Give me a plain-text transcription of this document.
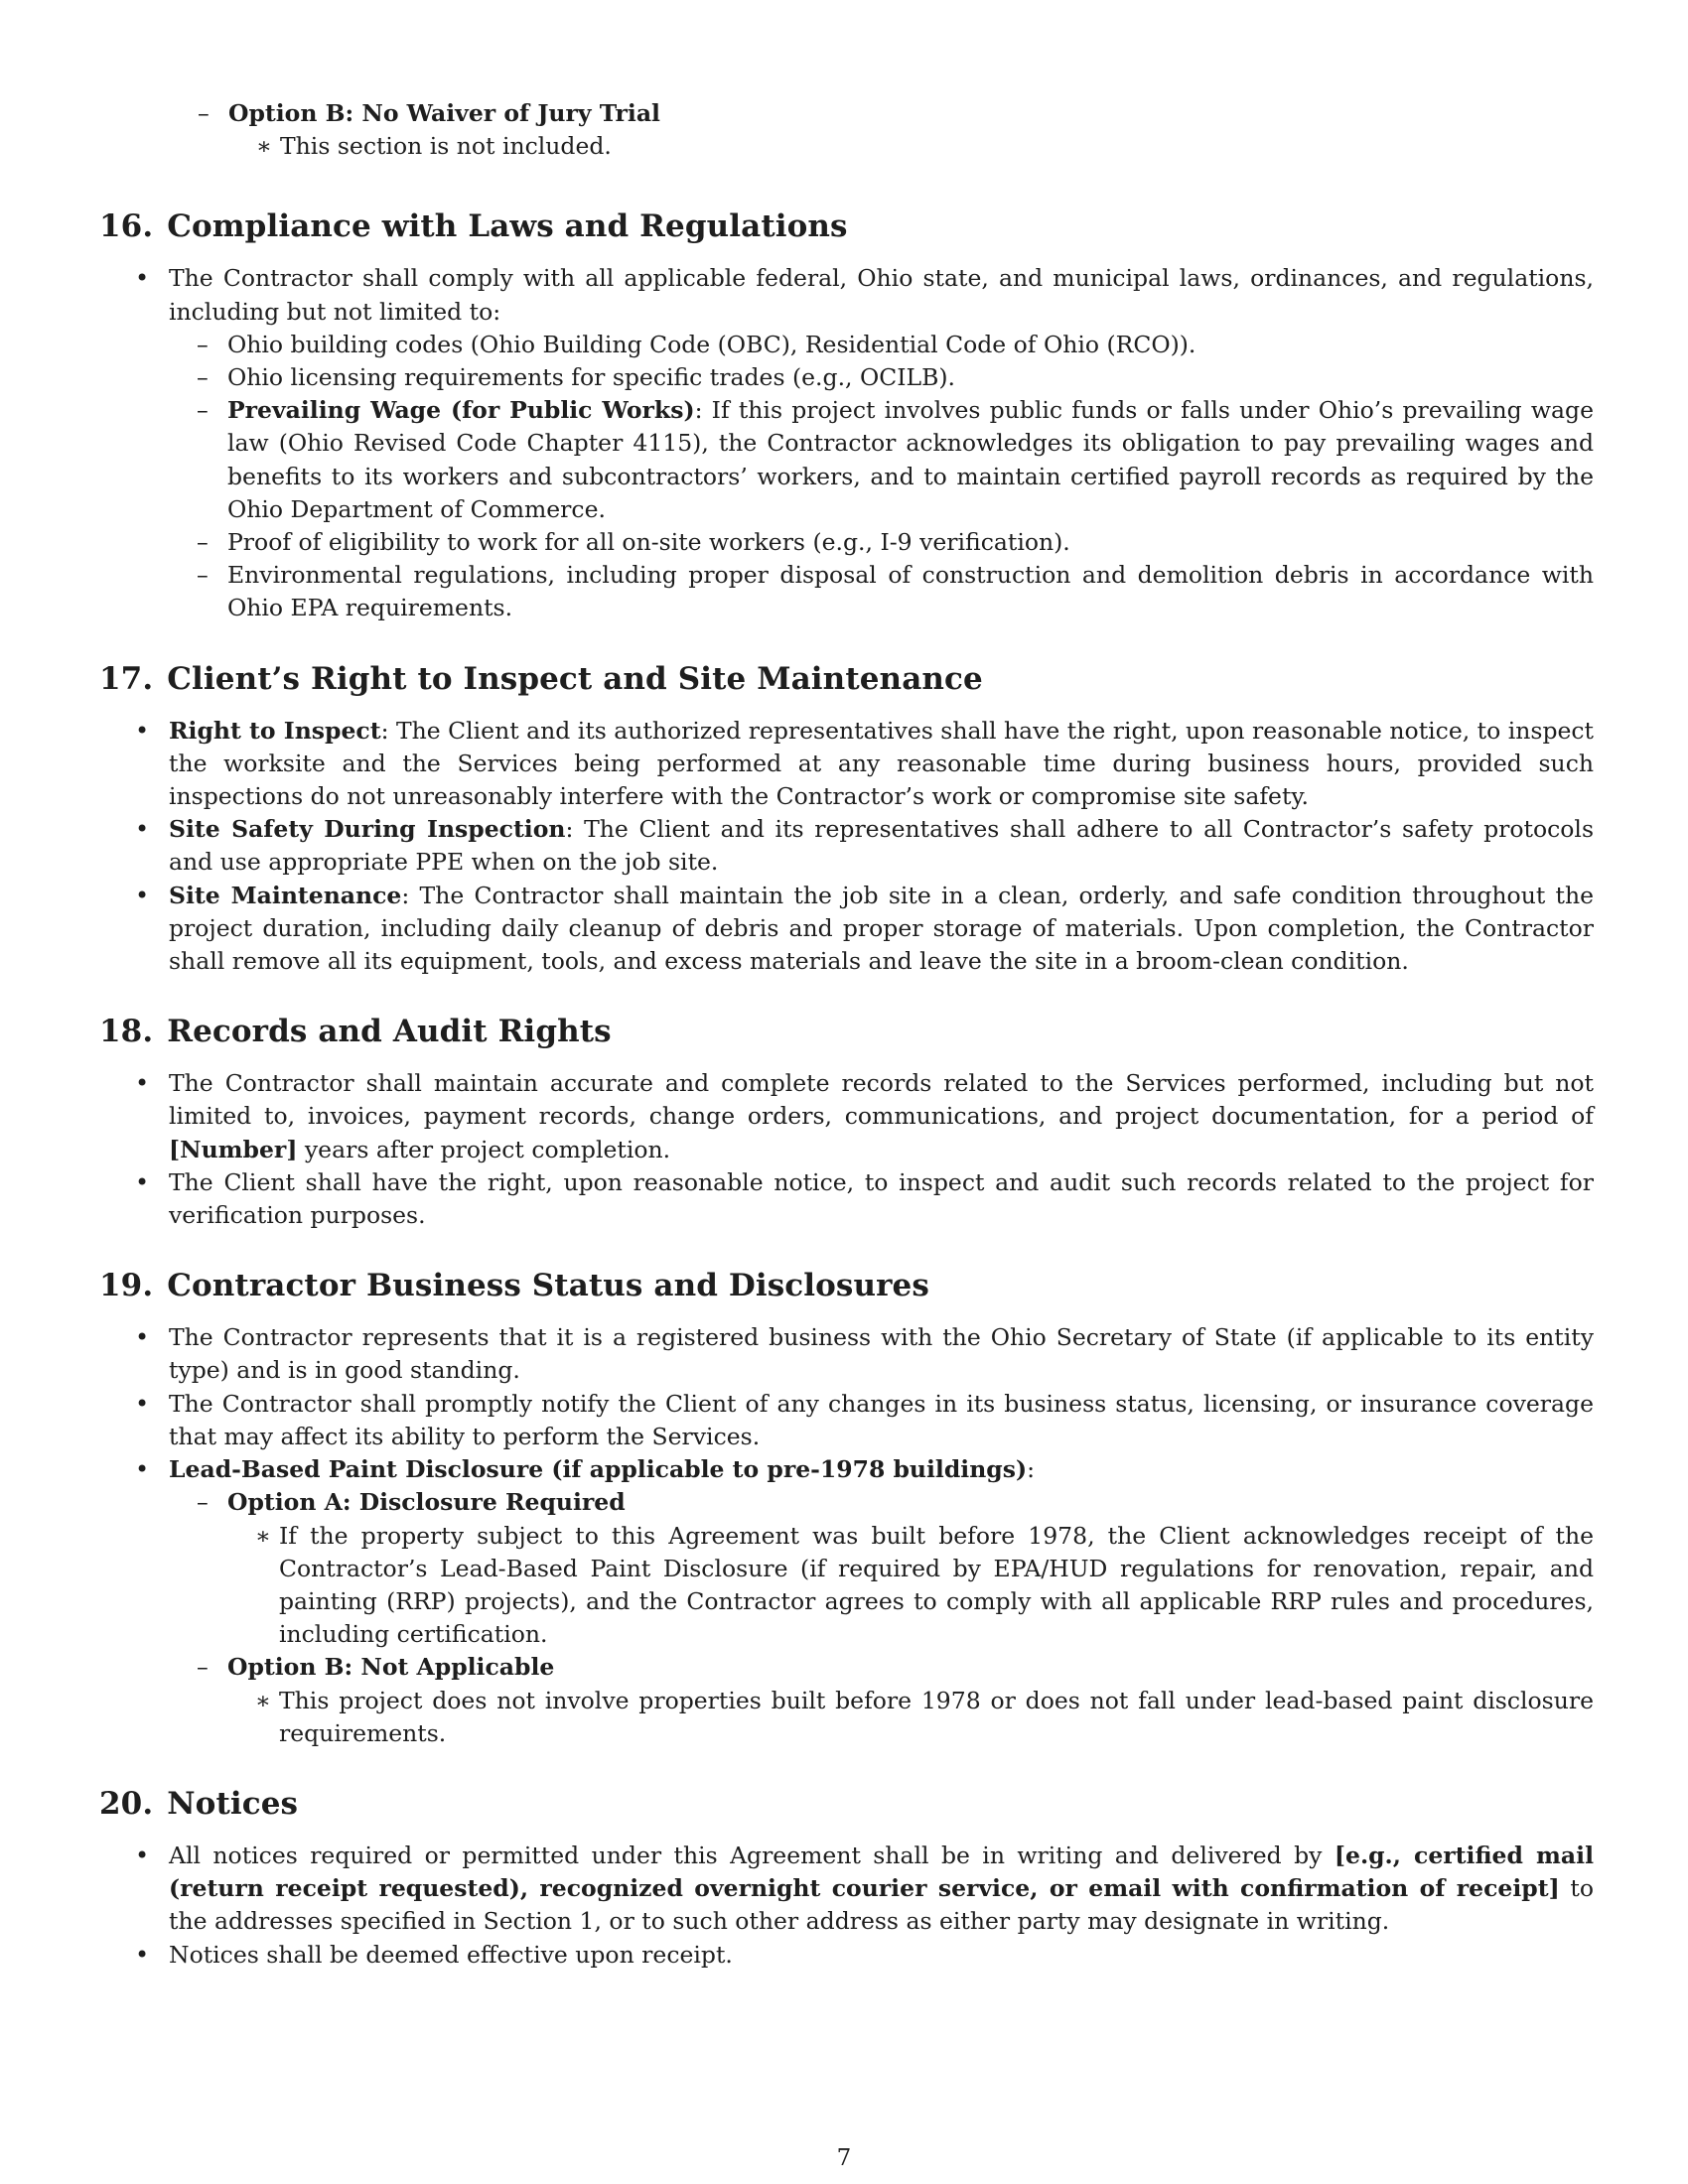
– Option B: No Waiver of Jury Trial
∗ This section is not included.
16. Compliance with Laws and Regulations
• The Contractor shall comply with all applicable federal, Ohio state, and municipal laws, ordinances, and regulations, including but not limited to:
– Ohio building codes (Ohio Building Code (OBC), Residential Code of Ohio (RCO)).
– Ohio licensing requirements for specific trades (e.g., OCILB).
– Prevailing Wage (for Public Works): If this project involves public funds or falls under Ohio’s prevailing wage law (Ohio Revised Code Chapter 4115), the Contractor acknowledges its obligation to pay prevailing wages and benefits to its workers and subcontractors’ workers, and to maintain certified payroll records as required by the Ohio Department of Commerce.
– Proof of eligibility to work for all on-site workers (e.g., I-9 verification).
– Environmental regulations, including proper disposal of construction and demolition debris in accordance with Ohio EPA requirements.
17. Client’s Right to Inspect and Site Maintenance
• Right to Inspect: The Client and its authorized representatives shall have the right, upon reasonable notice, to inspect the worksite and the Services being performed at any reasonable time during business hours, provided such inspections do not unreasonably interfere with the Contractor’s work or compromise site safety.
• Site Safety During Inspection: The Client and its representatives shall adhere to all Contractor’s safety protocols and use appropriate PPE when on the job site.
• Site Maintenance: The Contractor shall maintain the job site in a clean, orderly, and safe condition throughout the project duration, including daily cleanup of debris and proper storage of materials. Upon completion, the Contractor shall remove all its equipment, tools, and excess materials and leave the site in a broom-clean condition.
18. Records and Audit Rights
• The Contractor shall maintain accurate and complete records related to the Services performed, including but not limited to, invoices, payment records, change orders, communications, and project documentation, for a period of [Number] years after project completion.
• The Client shall have the right, upon reasonable notice, to inspect and audit such records related to the project for verification purposes.
19. Contractor Business Status and Disclosures
• The Contractor represents that it is a registered business with the Ohio Secretary of State (if applicable to its entity type) and is in good standing.
• The Contractor shall promptly notify the Client of any changes in its business status, licensing, or insurance coverage that may affect its ability to perform the Services.
• Lead-Based Paint Disclosure (if applicable to pre-1978 buildings):
– Option A: Disclosure Required
∗ If the property subject to this Agreement was built before 1978, the Client acknowledges receipt of the Contractor’s Lead-Based Paint Disclosure (if required by EPA/HUD regulations for renovation, repair, and painting (RRP) projects), and the Contractor agrees to comply with all applicable RRP rules and procedures, including certification.
– Option B: Not Applicable
∗ This project does not involve properties built before 1978 or does not fall under lead-based paint disclosure requirements.
20. Notices
• All notices required or permitted under this Agreement shall be in writing and delivered by [e.g., certified mail (return receipt requested), recognized overnight courier service, or email with confirmation of receipt] to the addresses specified in Section 1, or to such other address as either party may designate in writing.
• Notices shall be deemed effective upon receipt.
7
